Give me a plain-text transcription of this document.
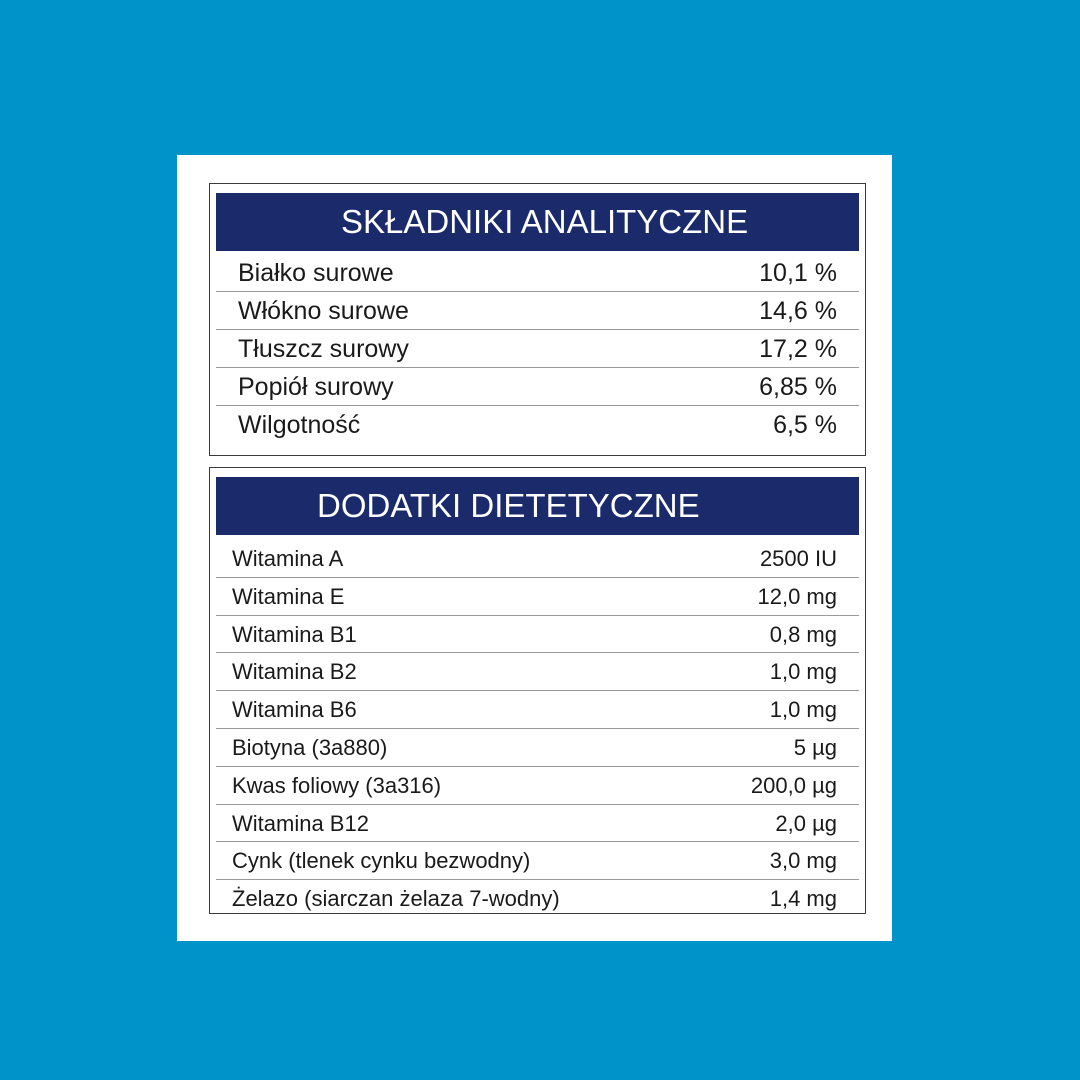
SKŁADNIKI ANALITYCZNE
Białko surowe	10,1 %
Włókno surowe	14,6 %
Tłuszcz surowy	17,2 %
Popiół surowy	6,85 %
Wilgotność	6,5 %
DODATKI DIETETYCZNE
Witamina A	2500 IU
Witamina E	12,0 mg
Witamina B1	0,8 mg
Witamina B2	1,0 mg
Witamina B6	1,0 mg
Biotyna (3a880)	5 µg
Kwas foliowy (3a316)	200,0 µg
Witamina B12	2,0 µg
Cynk (tlenek cynku bezwodny)	3,0 mg
Żelazo (siarczan żelaza 7-wodny)	1,4 mg
